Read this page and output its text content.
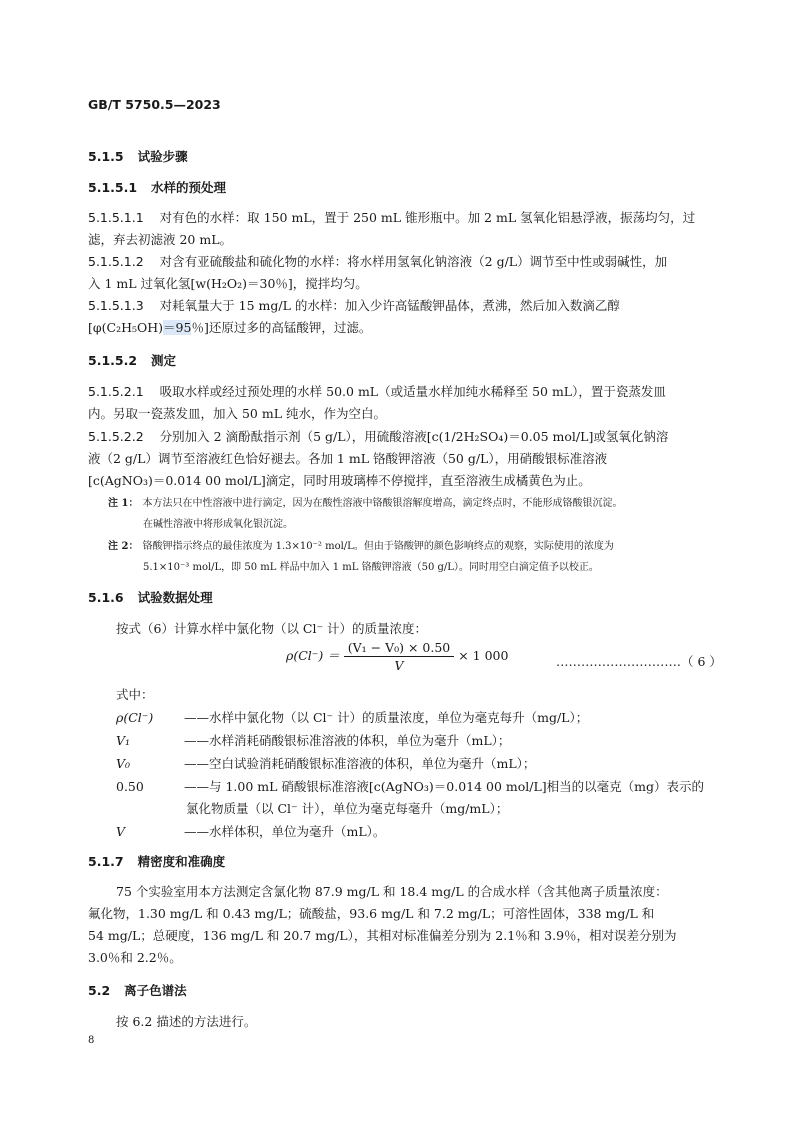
GB/T 5750.5—2023
5.1.5 试验步骤
5.1.5.1 水样的预处理
5.1.5.1.1 对有色的水样：取 150 mL，置于 250 mL 锥形瓶中。加 2 mL 氢氧化铝悬浮液，振荡均匀，过
滤，弃去初滤液 20 mL。
5.1.5.1.2 对含有亚硫酸盐和硫化物的水样：将水样用氢氧化钠溶液（2 g/L）调节至中性或弱碱性，加
入 1 mL 过氧化氢[w(H₂O₂)＝30％]，搅拌均匀。
5.1.5.1.3 对耗氧量大于 15 mg/L 的水样：加入少许高锰酸钾晶体，煮沸，然后加入数滴乙醇
[φ(C₂H₅OH)＝95％]还原过多的高锰酸钾，过滤。
5.1.5.2 测定
5.1.5.2.1 吸取水样或经过预处理的水样 50.0 mL（或适量水样加纯水稀释至 50 mL），置于瓷蒸发皿
内。另取一瓷蒸发皿，加入 50 mL 纯水，作为空白。
5.1.5.2.2 分别加入 2 滴酚酞指示剂（5 g/L），用硫酸溶液[c(1/2H₂SO₄)＝0.05 mol/L]或氢氧化钠溶
液（2 g/L）调节至溶液红色恰好褪去。各加 1 mL 铬酸钾溶液（50 g/L），用硝酸银标准溶液
[c(AgNO₃)＝0.014 00 mol/L]滴定，同时用玻璃棒不停搅拌，直至溶液生成橘黄色为止。
注 1： 本方法只在中性溶液中进行滴定，因为在酸性溶液中铬酸银溶解度增高，滴定终点时，不能形成铬酸银沉淀。
在碱性溶液中将形成氧化银沉淀。
注 2： 铬酸钾指示终点的最佳浓度为 1.3×10⁻² mol/L。但由于铬酸钾的颜色影响终点的观察，实际使用的浓度为
5.1×10⁻³ mol/L，即 50 mL 样品中加入 1 mL 铬酸钾溶液（50 g/L）。同时用空白滴定值予以校正。
5.1.6 试验数据处理
按式（6）计算水样中氯化物（以 Cl⁻ 计）的质量浓度：
$\rho(Cl^-) = \frac{\text{(V₁ − V₀) × 0.50}}{V} \times 1$ 000	…………………………（ 6 ）
式中：
ρ(Cl⁻) ——水样中氯化物（以 Cl⁻ 计）的质量浓度，单位为毫克每升（mg/L）；
V₁	——水样消耗硝酸银标准溶液的体积，单位为毫升（mL）；
V₀	——空白试验消耗硝酸银标准溶液的体积，单位为毫升（mL）；
0.50	——与 1.00 mL 硝酸银标准溶液[c(AgNO₃)＝0.014 00 mol/L]相当的以毫克（mg）表示的
氯化物质量（以 Cl⁻ 计），单位为毫克每毫升（mg/mL）；
V	——水样体积，单位为毫升（mL）。
5.1.7 精密度和准确度
75 个实验室用本方法测定含氯化物 87.9 mg/L 和 18.4 mg/L 的合成水样（含其他离子质量浓度：
氟化物，1.30 mg/L 和 0.43 mg/L；硫酸盐，93.6 mg/L 和 7.2 mg/L；可溶性固体，338 mg/L 和
54 mg/L；总硬度，136 mg/L 和 20.7 mg/L），其相对标准偏差分别为 2.1％和 3.9％，相对误差分别为
3.0％和 2.2％。
5.2 离子色谱法
按 6.2 描述的方法进行。
8
